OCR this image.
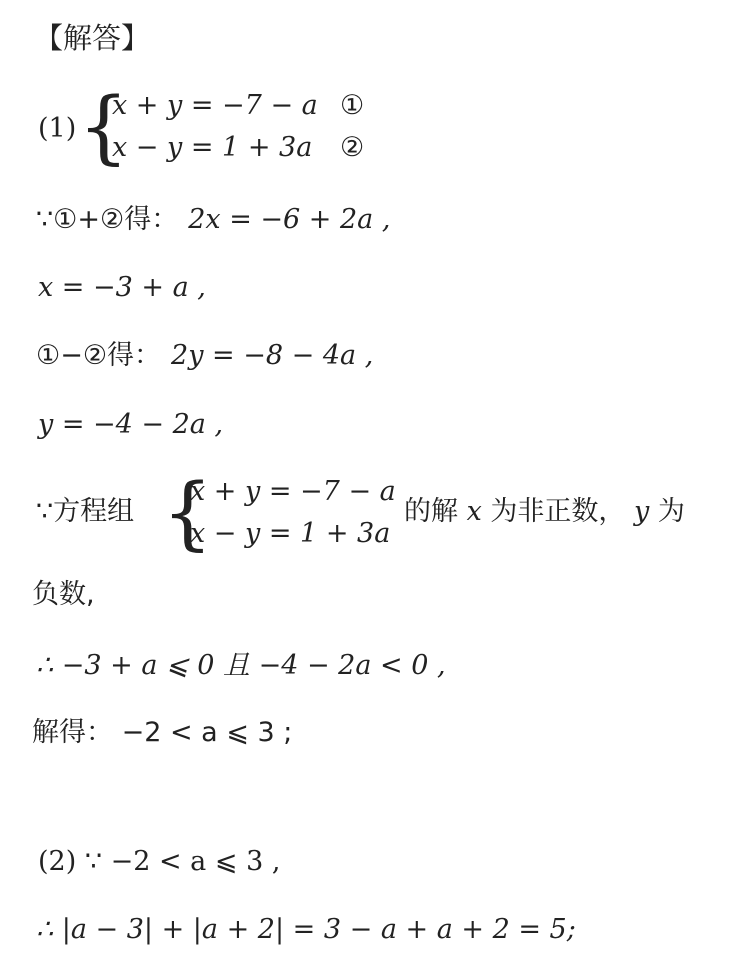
【解答】
(1) {
x + y = −7 − a ①
x − y = 1 + 3a ②
∵①+②得： 2x = −6 + 2a ,
x = −3 + a ,
①−②得： 2y = −8 − 4a ,
y = −4 − 2a ,
∵方程组 {
x + y = −7 − a
x − y = 1 + 3a
的解 x 为非正数， y 为
负数,
∴ −3 + a ⩽ 0 且 −4 − 2a < 0 ,
解得： −2 < a ⩽ 3 ;
(2) ∵ −2 < a ⩽ 3 ,
∴ |a − 3| + |a + 2| = 3 − a + a + 2 = 5;
